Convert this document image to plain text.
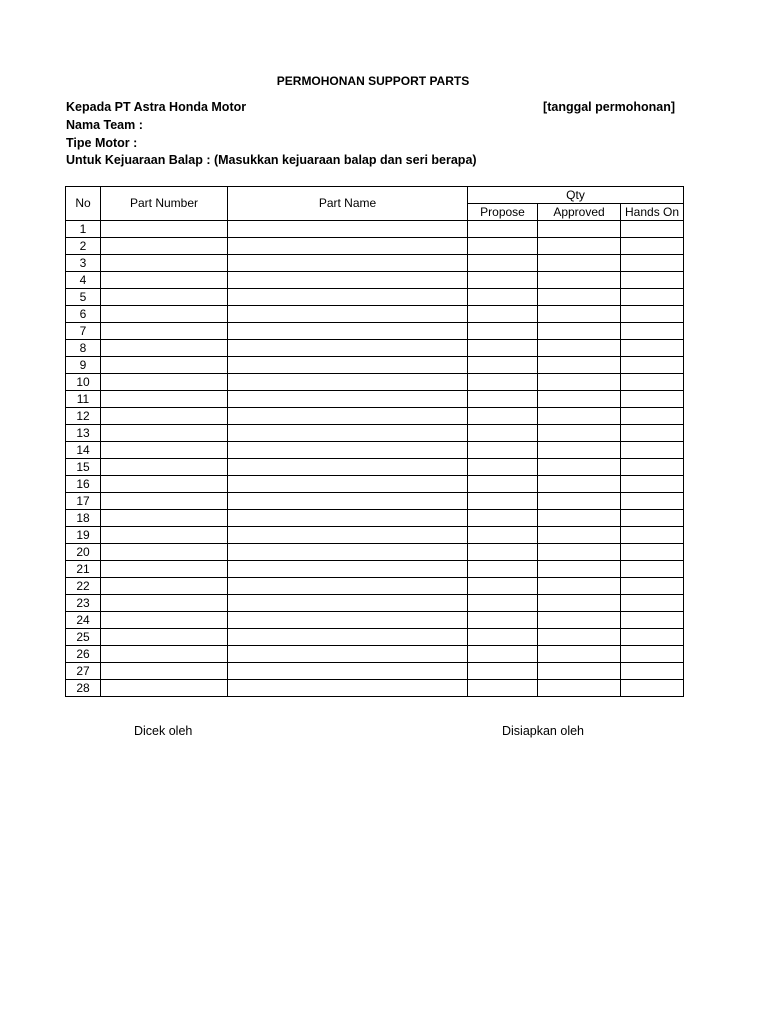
PERMOHONAN SUPPORT PARTS
Kepada PT Astra Honda Motor	[tanggal permohonan]
Nama Team :
Tipe Motor :
Untuk Kejuaraan Balap : (Masukkan kejuaraan balap dan seri berapa)
No	Part Number	Part Name	Qty		
			Propose	Approved	Hands On
1					
2					
3					
4					
5					
6					
7					
8					
9					
10					
11					
12					
13					
14					
15					
16					
17					
18					
19					
20					
21					
22					
23					
24					
25					
26					
27					
28					
Dicek oleh	Disiapkan oleh
